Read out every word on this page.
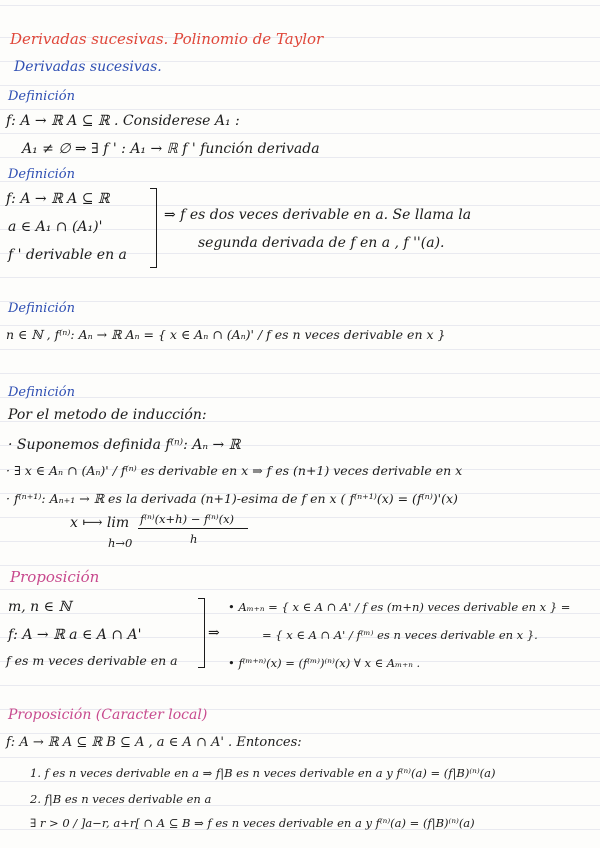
Derivadas sucesivas. Polinomio de Taylor
Derivadas sucesivas.
Definición
f: A → ℝ A ⊆ ℝ . Considerese A₁ :
A₁ ≠ ∅ ⇒ ∃ f ' : A₁ → ℝ f ' función derivada
Definición
f: A → ℝ A ⊆ ℝ
a ∈ A₁ ∩ (A₁)'
f ' derivable en a
⇒ f es dos veces derivable en a. Se llama la
segunda derivada de f en a , f ''(a).
Definición
n ∈ ℕ , f⁽ⁿ⁾: Aₙ → ℝ Aₙ = { x ∈ Aₙ ∩ (Aₙ)' / f es n veces derivable en x }
Definición
Por el metodo de inducción:
· Suponemos definida f⁽ⁿ⁾: Aₙ → ℝ
· ∃ x ∈ Aₙ ∩ (Aₙ)' / f⁽ⁿ⁾ es derivable en x ⇒ f es (n+1) veces derivable en x
· f⁽ⁿ⁺¹⁾: Aₙ₊₁ → ℝ es la derivada (n+1)-esima de f en x ( f⁽ⁿ⁺¹⁾(x) = (f⁽ⁿ⁾)'(x)
x ⟼ lim
h→0
f⁽ⁿ⁾(x+h) − f⁽ⁿ⁾(x)
h
Proposición
m, n ∈ ℕ
f: A → ℝ a ∈ A ∩ A'
f es m veces derivable en a
⇒
• Aₘ₊ₙ = { x ∈ A ∩ A' / f es (m+n) veces derivable en x } =
= { x ∈ A ∩ A' / f⁽ᵐ⁾ es n veces derivable en x }.
• f⁽ᵐ⁺ⁿ⁾(x) = (f⁽ᵐ⁾)⁽ⁿ⁾(x) ∀ x ∈ Aₘ₊ₙ .
Proposición (Caracter local)
f: A → ℝ A ⊆ ℝ B ⊆ A , a ∈ A ∩ A' . Entonces:
1. f es n veces derivable en a ⇒ f|B es n veces derivable en a y f⁽ⁿ⁾(a) = (f|B)⁽ⁿ⁾(a)
2. f|B es n veces derivable en a
∃ r > 0 / ]a−r, a+r[ ∩ A ⊆ B ⇒ f es n veces derivable en a y f⁽ⁿ⁾(a) = (f|B)⁽ⁿ⁾(a)
